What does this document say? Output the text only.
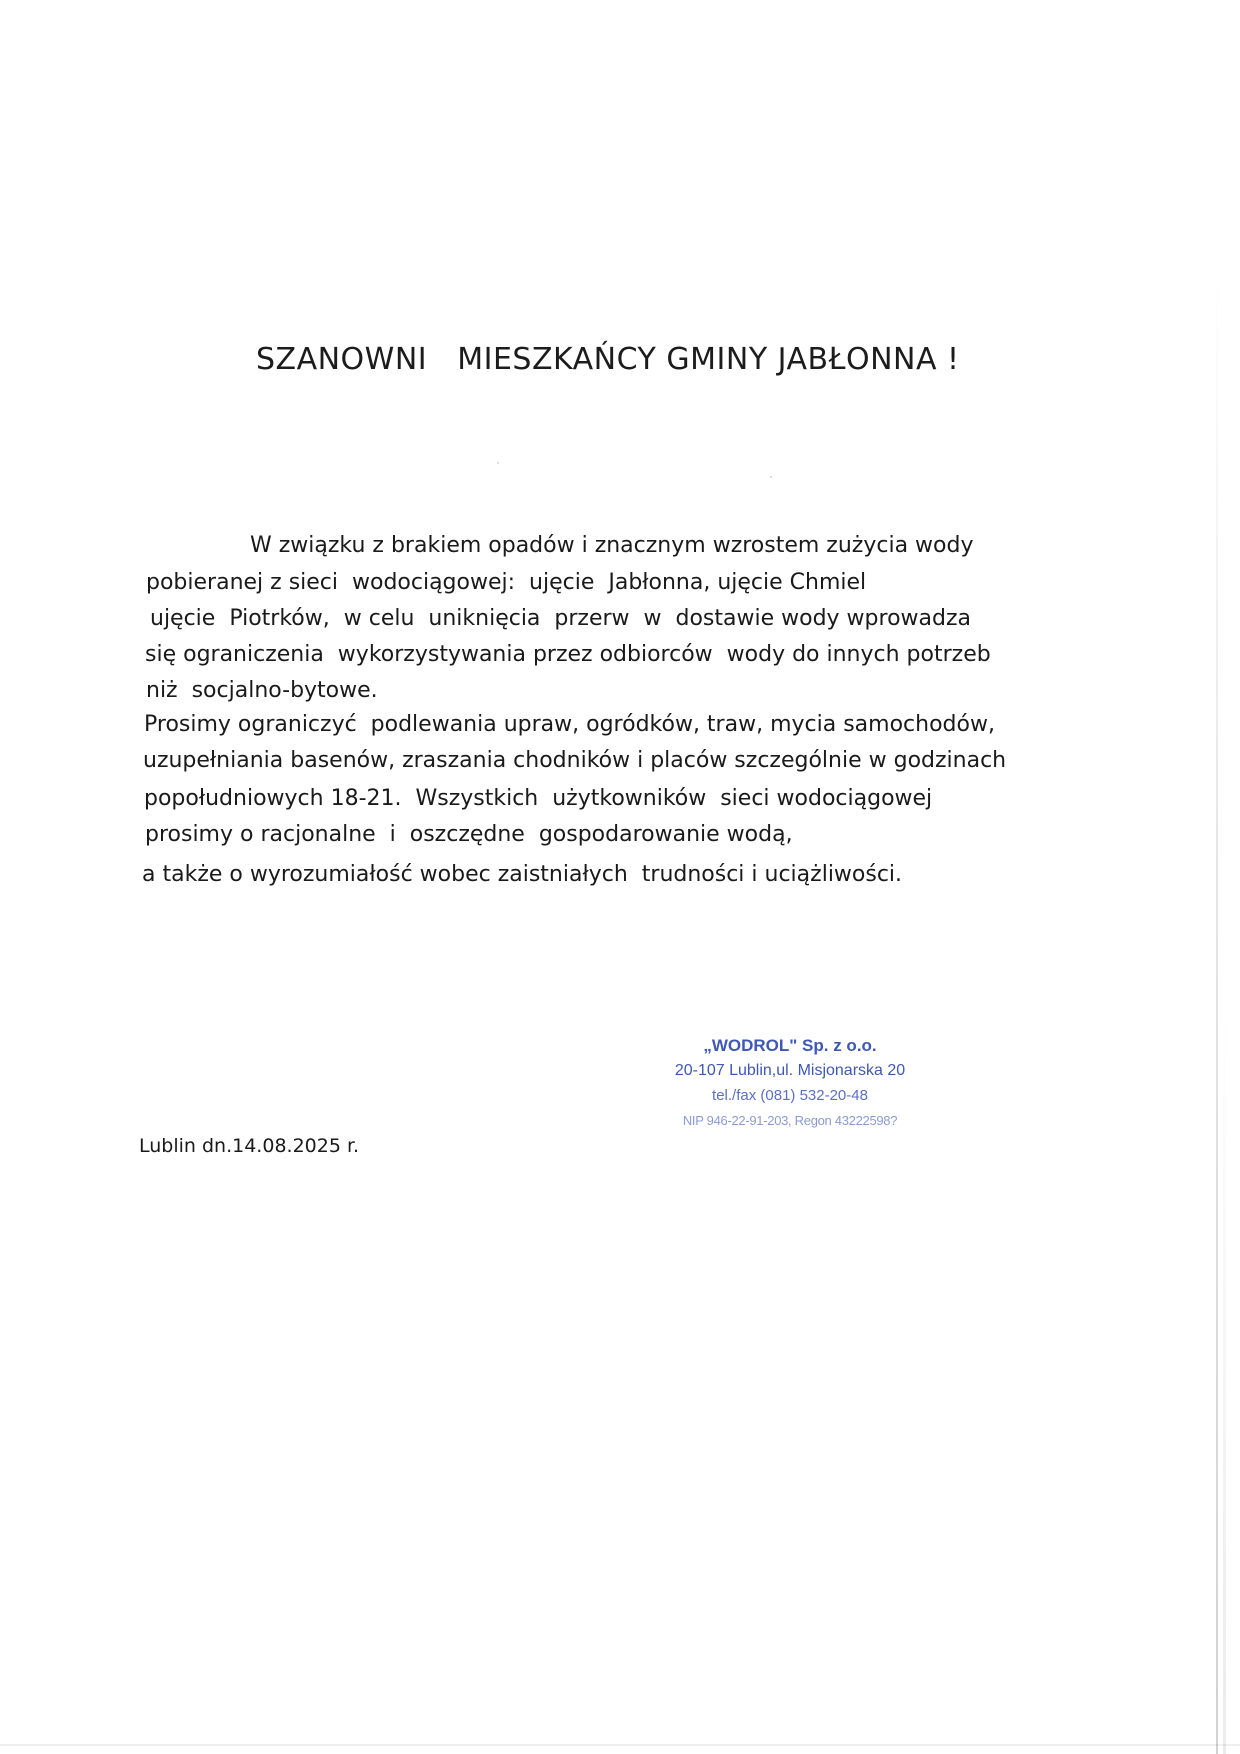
SZANOWNI   MIESZKAŃCY GMINY JABŁONNA !
W związku z brakiem opadów i znacznym wzrostem zużycia wody
pobieranej z sieci  wodociągowej:  ujęcie  Jabłonna, ujęcie Chmiel
ujęcie  Piotrków,  w celu  uniknięcia  przerw  w  dostawie wody wprowadza
się ograniczenia  wykorzystywania przez odbiorców  wody do innych potrzeb
niż  socjalno-bytowe.
Prosimy ograniczyć  podlewania upraw, ogródków, traw, mycia samochodów,
uzupełniania basenów, zraszania chodników i placów szczególnie w godzinach
popołudniowych 18-21.  Wszystkich  użytkowników  sieci wodociągowej
prosimy o racjonalne  i  oszczędne  gospodarowanie wodą,
a także o wyrozumiałość wobec zaistniałych  trudności i uciążliwości.
„WODROL" Sp. z o.o.
20-107 Lublin,ul. Misjonarska 20
tel./fax (081) 532-20-48
NIP 946-22-91-203, Regon 43222598?
Lublin dn.14.08.2025 r.
